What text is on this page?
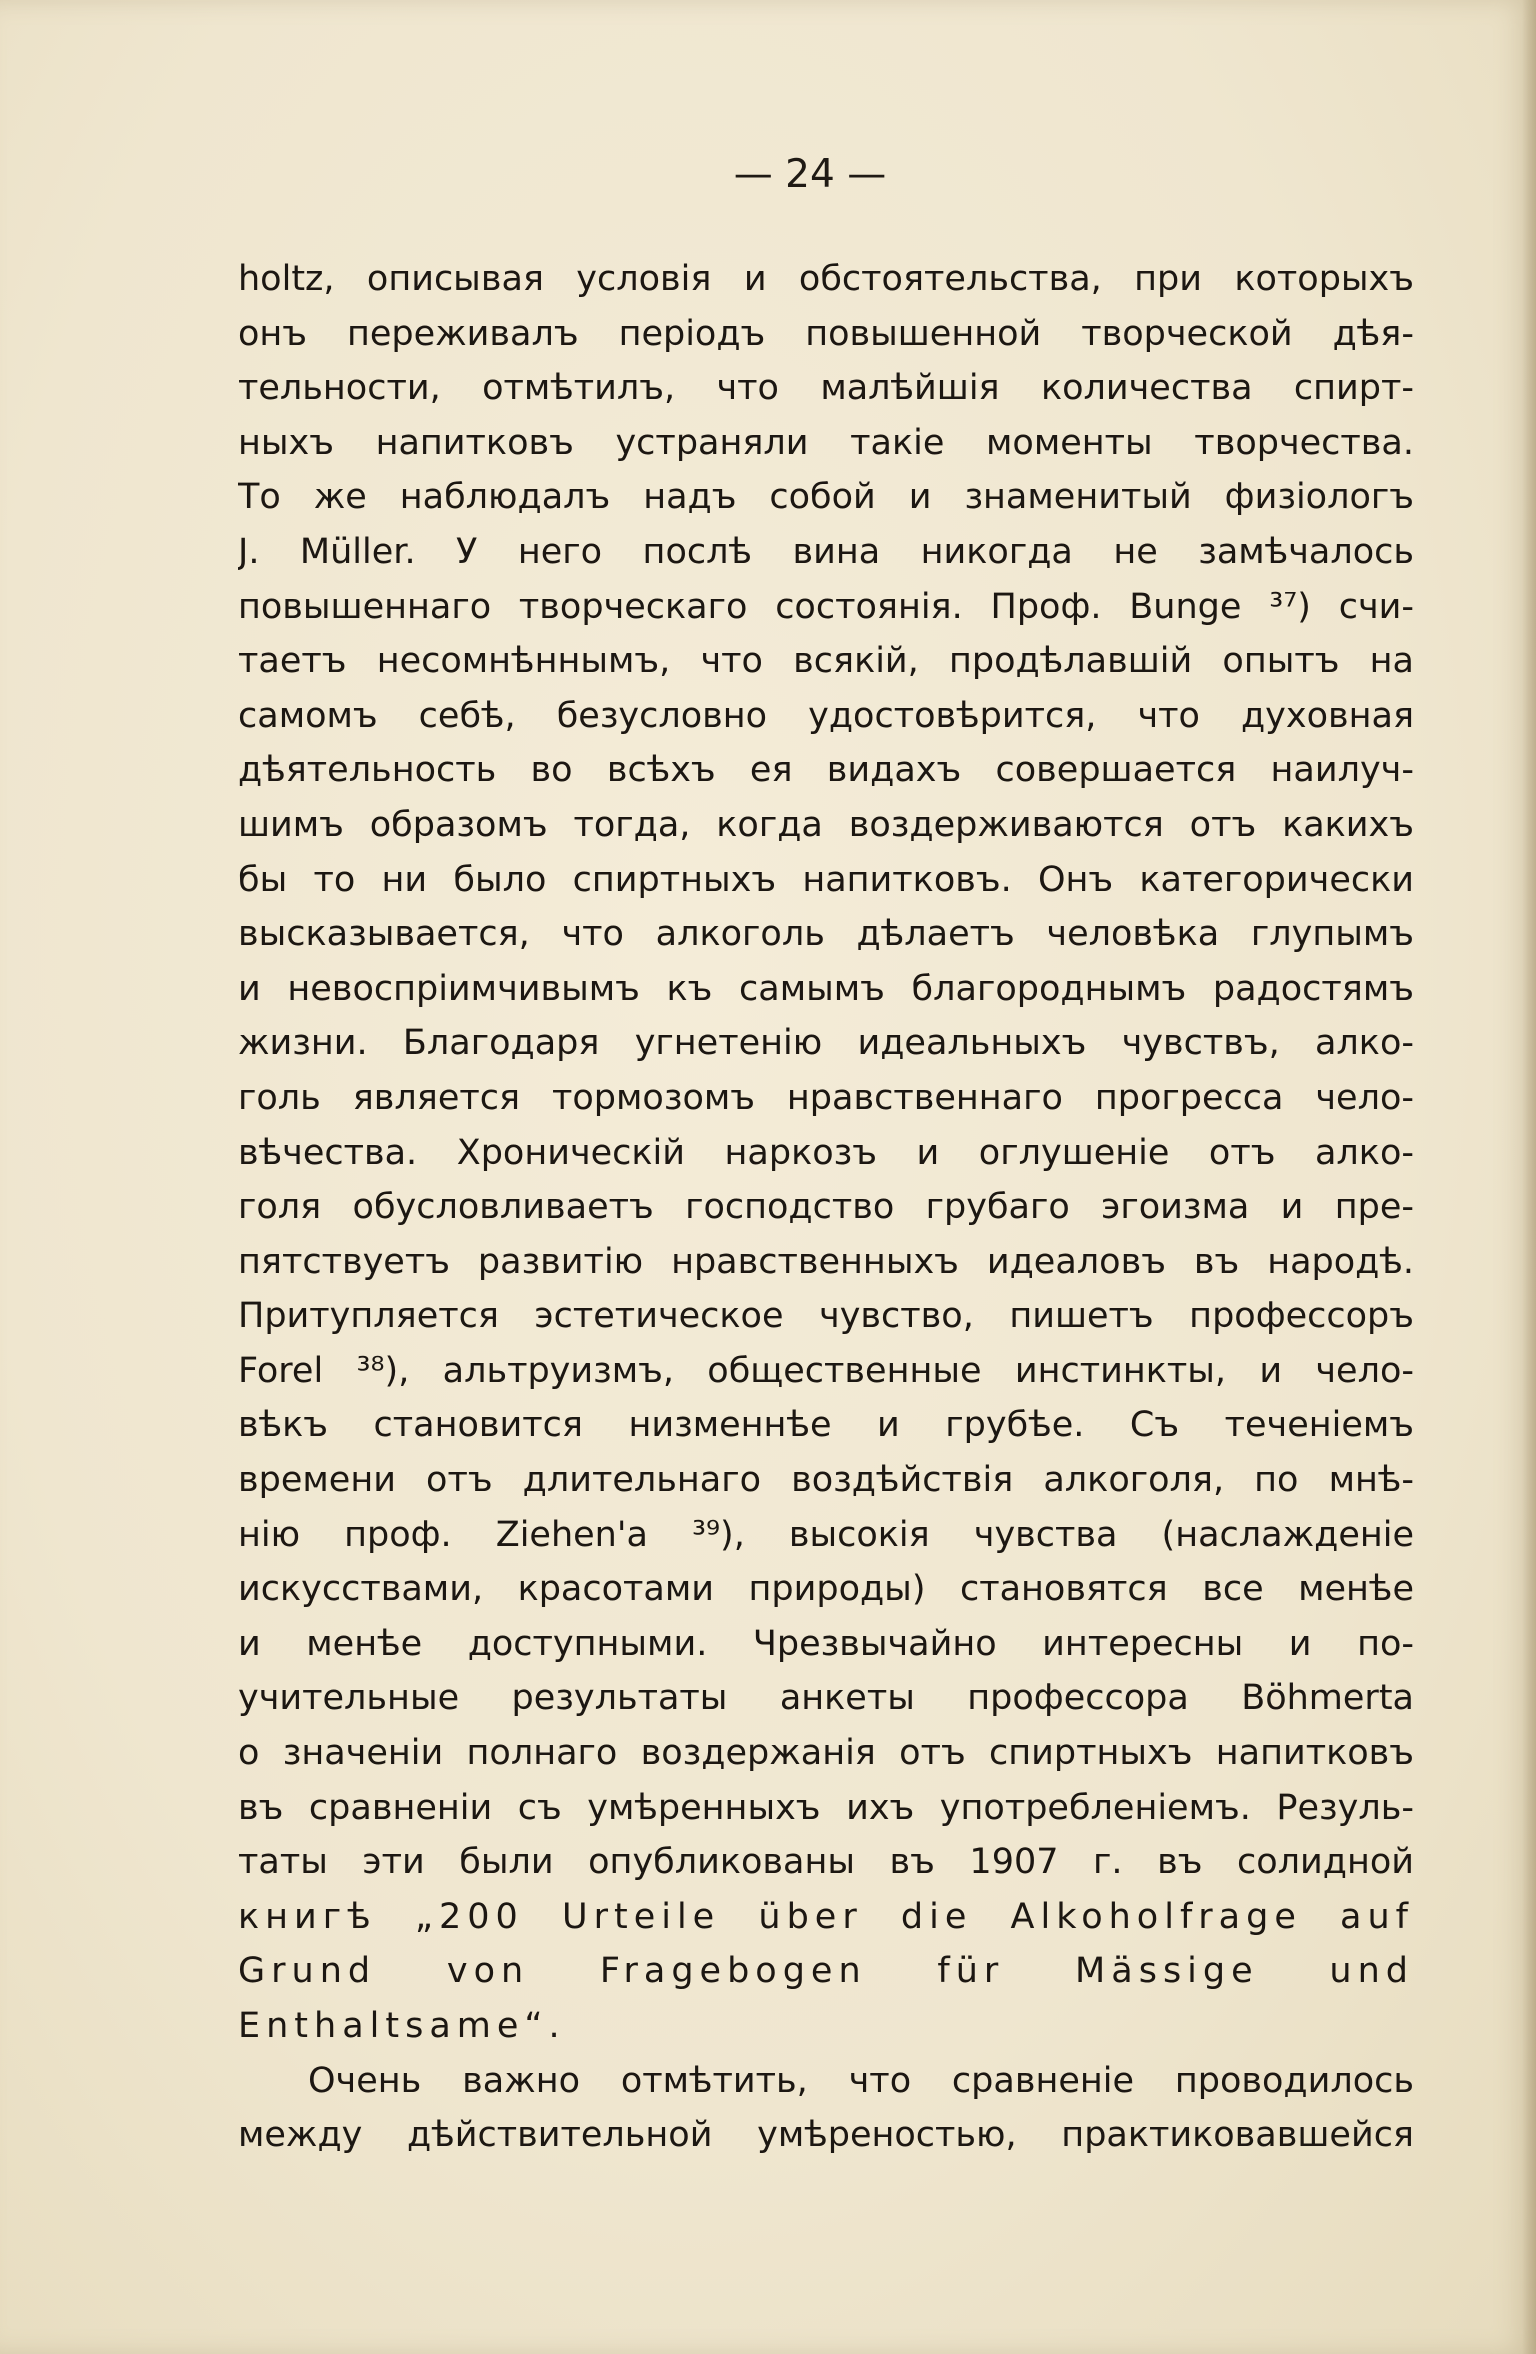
— 24 —
holtz, описывая условія и обстоятельства, при которыхъ
онъ переживалъ періодъ повышенной творческой дѣя-
тельности, отмѣтилъ, что малѣйшія количества спирт-
ныхъ напитковъ устраняли такіе моменты творчества.
То же наблюдалъ надъ собой и знаменитый физіологъ
J. Müller. У него послѣ вина никогда не замѣчалось
повышеннаго творческаго состоянія. Проф. Bunge ³⁷) счи-
таетъ несомнѣннымъ, что всякій, продѣлавшій опытъ на
самомъ себѣ, безусловно удостовѣрится, что духовная
дѣятельность во всѣхъ ея видахъ совершается наилуч-
шимъ образомъ тогда, когда воздерживаются отъ какихъ
бы то ни было спиртныхъ напитковъ. Онъ категорически
высказывается, что алкоголь дѣлаетъ человѣка глупымъ
и невоспріимчивымъ къ самымъ благороднымъ радостямъ
жизни. Благодаря угнетенію идеальныхъ чувствъ, алко-
голь является тормозомъ нравственнаго прогресса чело-
вѣчества. Хроническій наркозъ и оглушеніе отъ алко-
голя обусловливаетъ господство грубаго эгоизма и пре-
пятствуетъ развитію нравственныхъ идеаловъ въ народѣ.
Притупляется эстетическое чувство, пишетъ профессоръ
Forel ³⁸), альтруизмъ, общественные инстинкты, и чело-
вѣкъ становится низменнѣе и грубѣе. Съ теченіемъ
времени отъ длительнаго воздѣйствія алкоголя, по мнѣ-
нію проф. Ziehen'a ³⁹), высокія чувства (наслажденіе
искусствами, красотами природы) становятся все менѣе
и менѣе доступными. Чрезвычайно интересны и по-
учительные результаты анкеты профессора Böhmerta
о значеніи полнаго воздержанія отъ спиртныхъ напитковъ
въ сравненіи съ умѣренныхъ ихъ употребленіемъ. Резуль-
таты эти были опубликованы въ 1907 г. въ солидной
книгѣ „200 Urteile über die Alkoholfrage auf
Grund von Fragebogen für Mässige und
Enthaltsame“.
Очень важно отмѣтить, что сравненіе проводилось
между дѣйствительной умѣреностью, практиковавшейся
